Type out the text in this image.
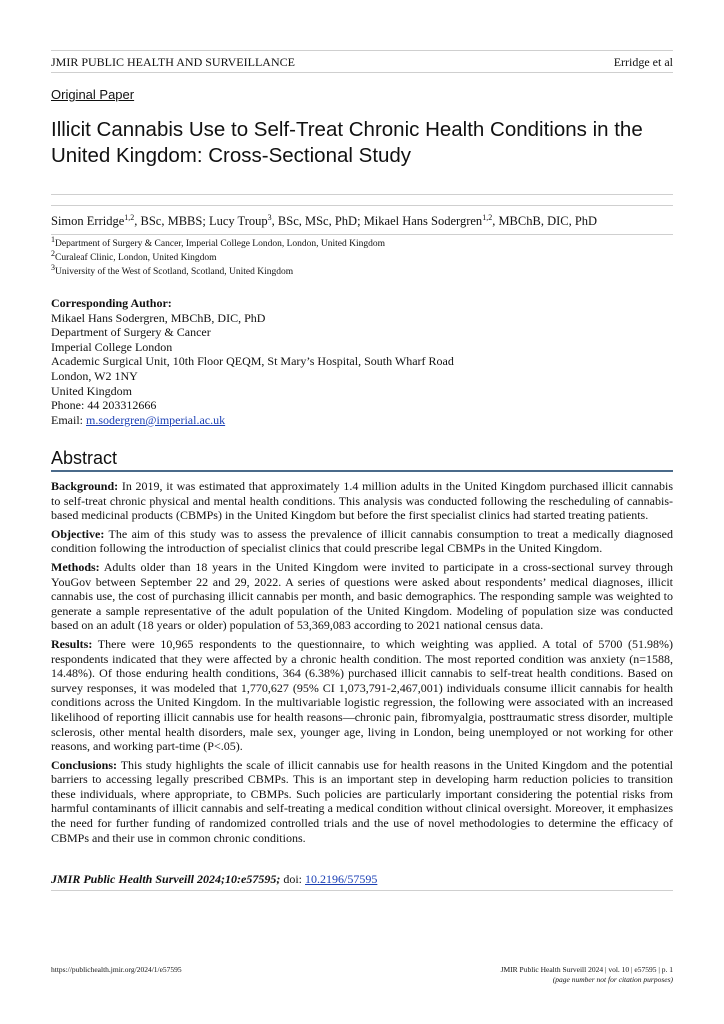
JMIR PUBLIC HEALTH AND SURVEILLANCE	Erridge et al
Original Paper
Illicit Cannabis Use to Self-Treat Chronic Health Conditions in the United Kingdom: Cross-Sectional Study
Simon Erridge$^{1,2}$, BSc, MBBS; Lucy Troup$^3$, BSc, MSc, PhD; Mikael Hans Sodergren$^{1,2}$, MBChB, DIC, PhD
$^1$Department of Surgery & Cancer, Imperial College London, London, United Kingdom
$^2$Curaleaf Clinic, London, United Kingdom
$^3$University of the West of Scotland, Scotland, United Kingdom
Corresponding Author:
Mikael Hans Sodergren, MBChB, DIC, PhD
Department of Surgery & Cancer
Imperial College London
Academic Surgical Unit, 10th Floor QEQM, St Mary’s Hospital, South Wharf Road
London, W2 1NY
United Kingdom
Phone: 44 203312666
Email: m.sodergren@imperial.ac.uk
Abstract

Background: In 2019, it was estimated that approximately 1.4 million adults in the United Kingdom purchased illicit cannabis to self-treat chronic physical and mental health conditions. This analysis was conducted following the rescheduling of cannabis-based medicinal products (CBMPs) in the United Kingdom but before the first specialist clinics had started treating patients.

Objective: The aim of this study was to assess the prevalence of illicit cannabis consumption to treat a medically diagnosed condition following the introduction of specialist clinics that could prescribe legal CBMPs in the United Kingdom.

Methods: Adults older than 18 years in the United Kingdom were invited to participate in a cross-sectional survey through YouGov between September 22 and 29, 2022. A series of questions were asked about respondents’ medical diagnoses, illicit cannabis use, the cost of purchasing illicit cannabis per month, and basic demographics. The responding sample was weighted to generate a sample representative of the adult population of the United Kingdom. Modeling of population size was conducted based on an adult (18 years or older) population of 53,369,083 according to 2021 national census data.

Results: There were 10,965 respondents to the questionnaire, to which weighting was applied. A total of 5700 (51.98%) respondents indicated that they were affected by a chronic health condition. The most reported condition was anxiety (n=1588, 14.48%). Of those enduring health conditions, 364 (6.38%) purchased illicit cannabis to self-treat health conditions. Based on survey responses, it was modeled that 1,770,627 (95% CI 1,073,791-2,467,001) individuals consume illicit cannabis for health conditions across the United Kingdom. In the multivariable logistic regression, the following were associated with an increased likelihood of reporting illicit cannabis use for health reasons—chronic pain, fibromyalgia, posttraumatic stress disorder, multiple sclerosis, other mental health disorders, male sex, younger age, living in London, being unemployed or not working for other reasons, and working part-time (P<.05).

Conclusions: This study highlights the scale of illicit cannabis use for health reasons in the United Kingdom and the potential barriers to accessing legally prescribed CBMPs. This is an important step in developing harm reduction policies to transition these individuals, where appropriate, to CBMPs. Such policies are particularly important considering the potential risks from harmful contaminants of illicit cannabis and self-treating a medical condition without clinical oversight. Moreover, it emphasizes the need for further funding of randomized controlled trials and the use of novel methodologies to determine the efficacy of CBMPs and their use in common chronic conditions.

JMIR Public Health Surveill 2024;10:e57595; doi: 10.2196/57595
https://publichealth.jmir.org/2024/1/e57595	JMIR Public Health Surveill 2024 | vol. 10 | e57595 | p. 1
(page number not for citation purposes)
